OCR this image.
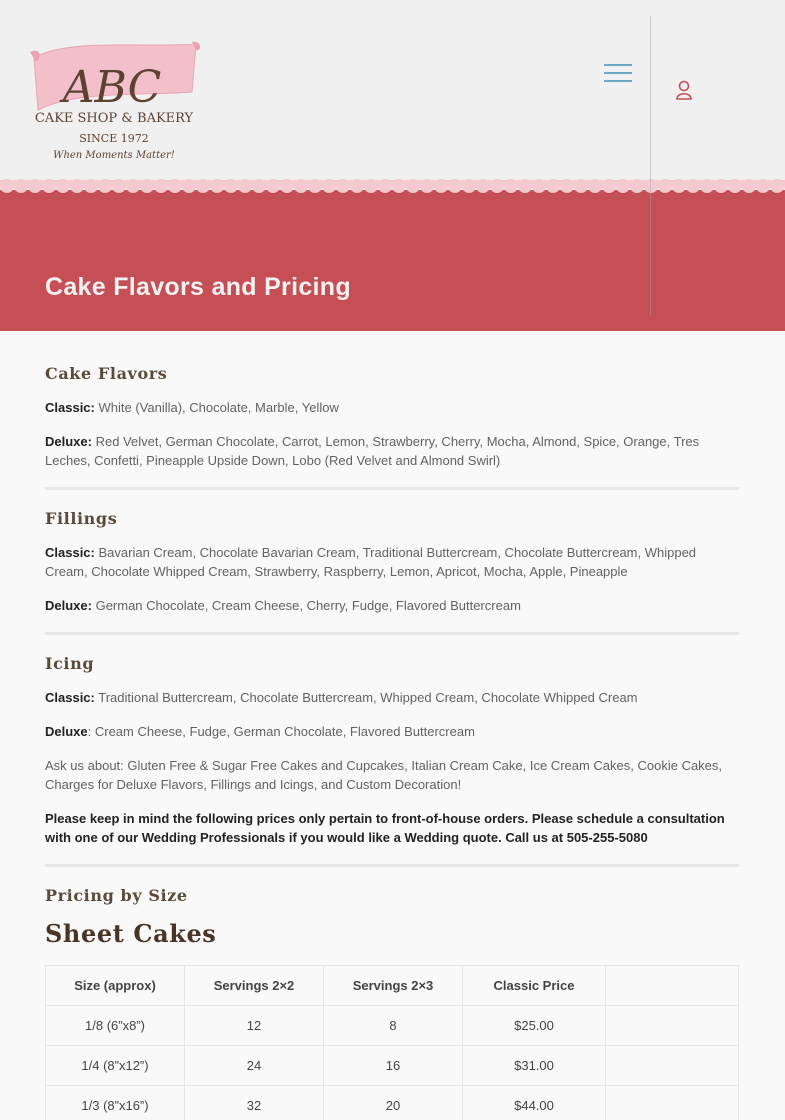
ABC
CAKE SHOP & BAKERY
SINCE 1972
When Moments Matter!
Cake Flavors and Pricing
Cake Flavors

Classic: White (Vanilla), Chocolate, Marble, Yellow

Deluxe: Red Velvet, German Chocolate, Carrot, Lemon, Strawberry, Cherry, Mocha, Almond, Spice, Orange, Tres Leches, Confetti, Pineapple Upside Down, Lobo (Red Velvet and Almond Swirl)

Fillings

Classic: Bavarian Cream, Chocolate Bavarian Cream, Traditional Buttercream, Chocolate Buttercream, Whipped Cream, Chocolate Whipped Cream, Strawberry, Raspberry, Lemon, Apricot, Mocha, Apple, Pineapple

Deluxe: German Chocolate, Cream Cheese, Cherry, Fudge, Flavored Buttercream

Icing

Classic: Traditional Buttercream, Chocolate Buttercream, Whipped Cream, Chocolate Whipped Cream

Deluxe: Cream Cheese, Fudge, German Chocolate, Flavored Buttercream

Ask us about: Gluten Free & Sugar Free Cakes and Cupcakes, Italian Cream Cake, Ice Cream Cakes, Cookie Cakes, Charges for Deluxe Flavors, Fillings and Icings, and Custom Decoration!

Please keep in mind the following prices only pertain to front-of-house orders. Please schedule a consultation with one of our Wedding Professionals if you would like a Wedding quote. Call us at 505-255-5080

Pricing by Size
Sheet Cakes
Size (approx)	Servings 2×2	Servings 2×3	Classic Price	
1/8 (6”x8”)	12	8	$25.00	
1/4 (8”x12”)	24	16	$31.00	
1/3 (8”x16”)	32	20	$44.00	
